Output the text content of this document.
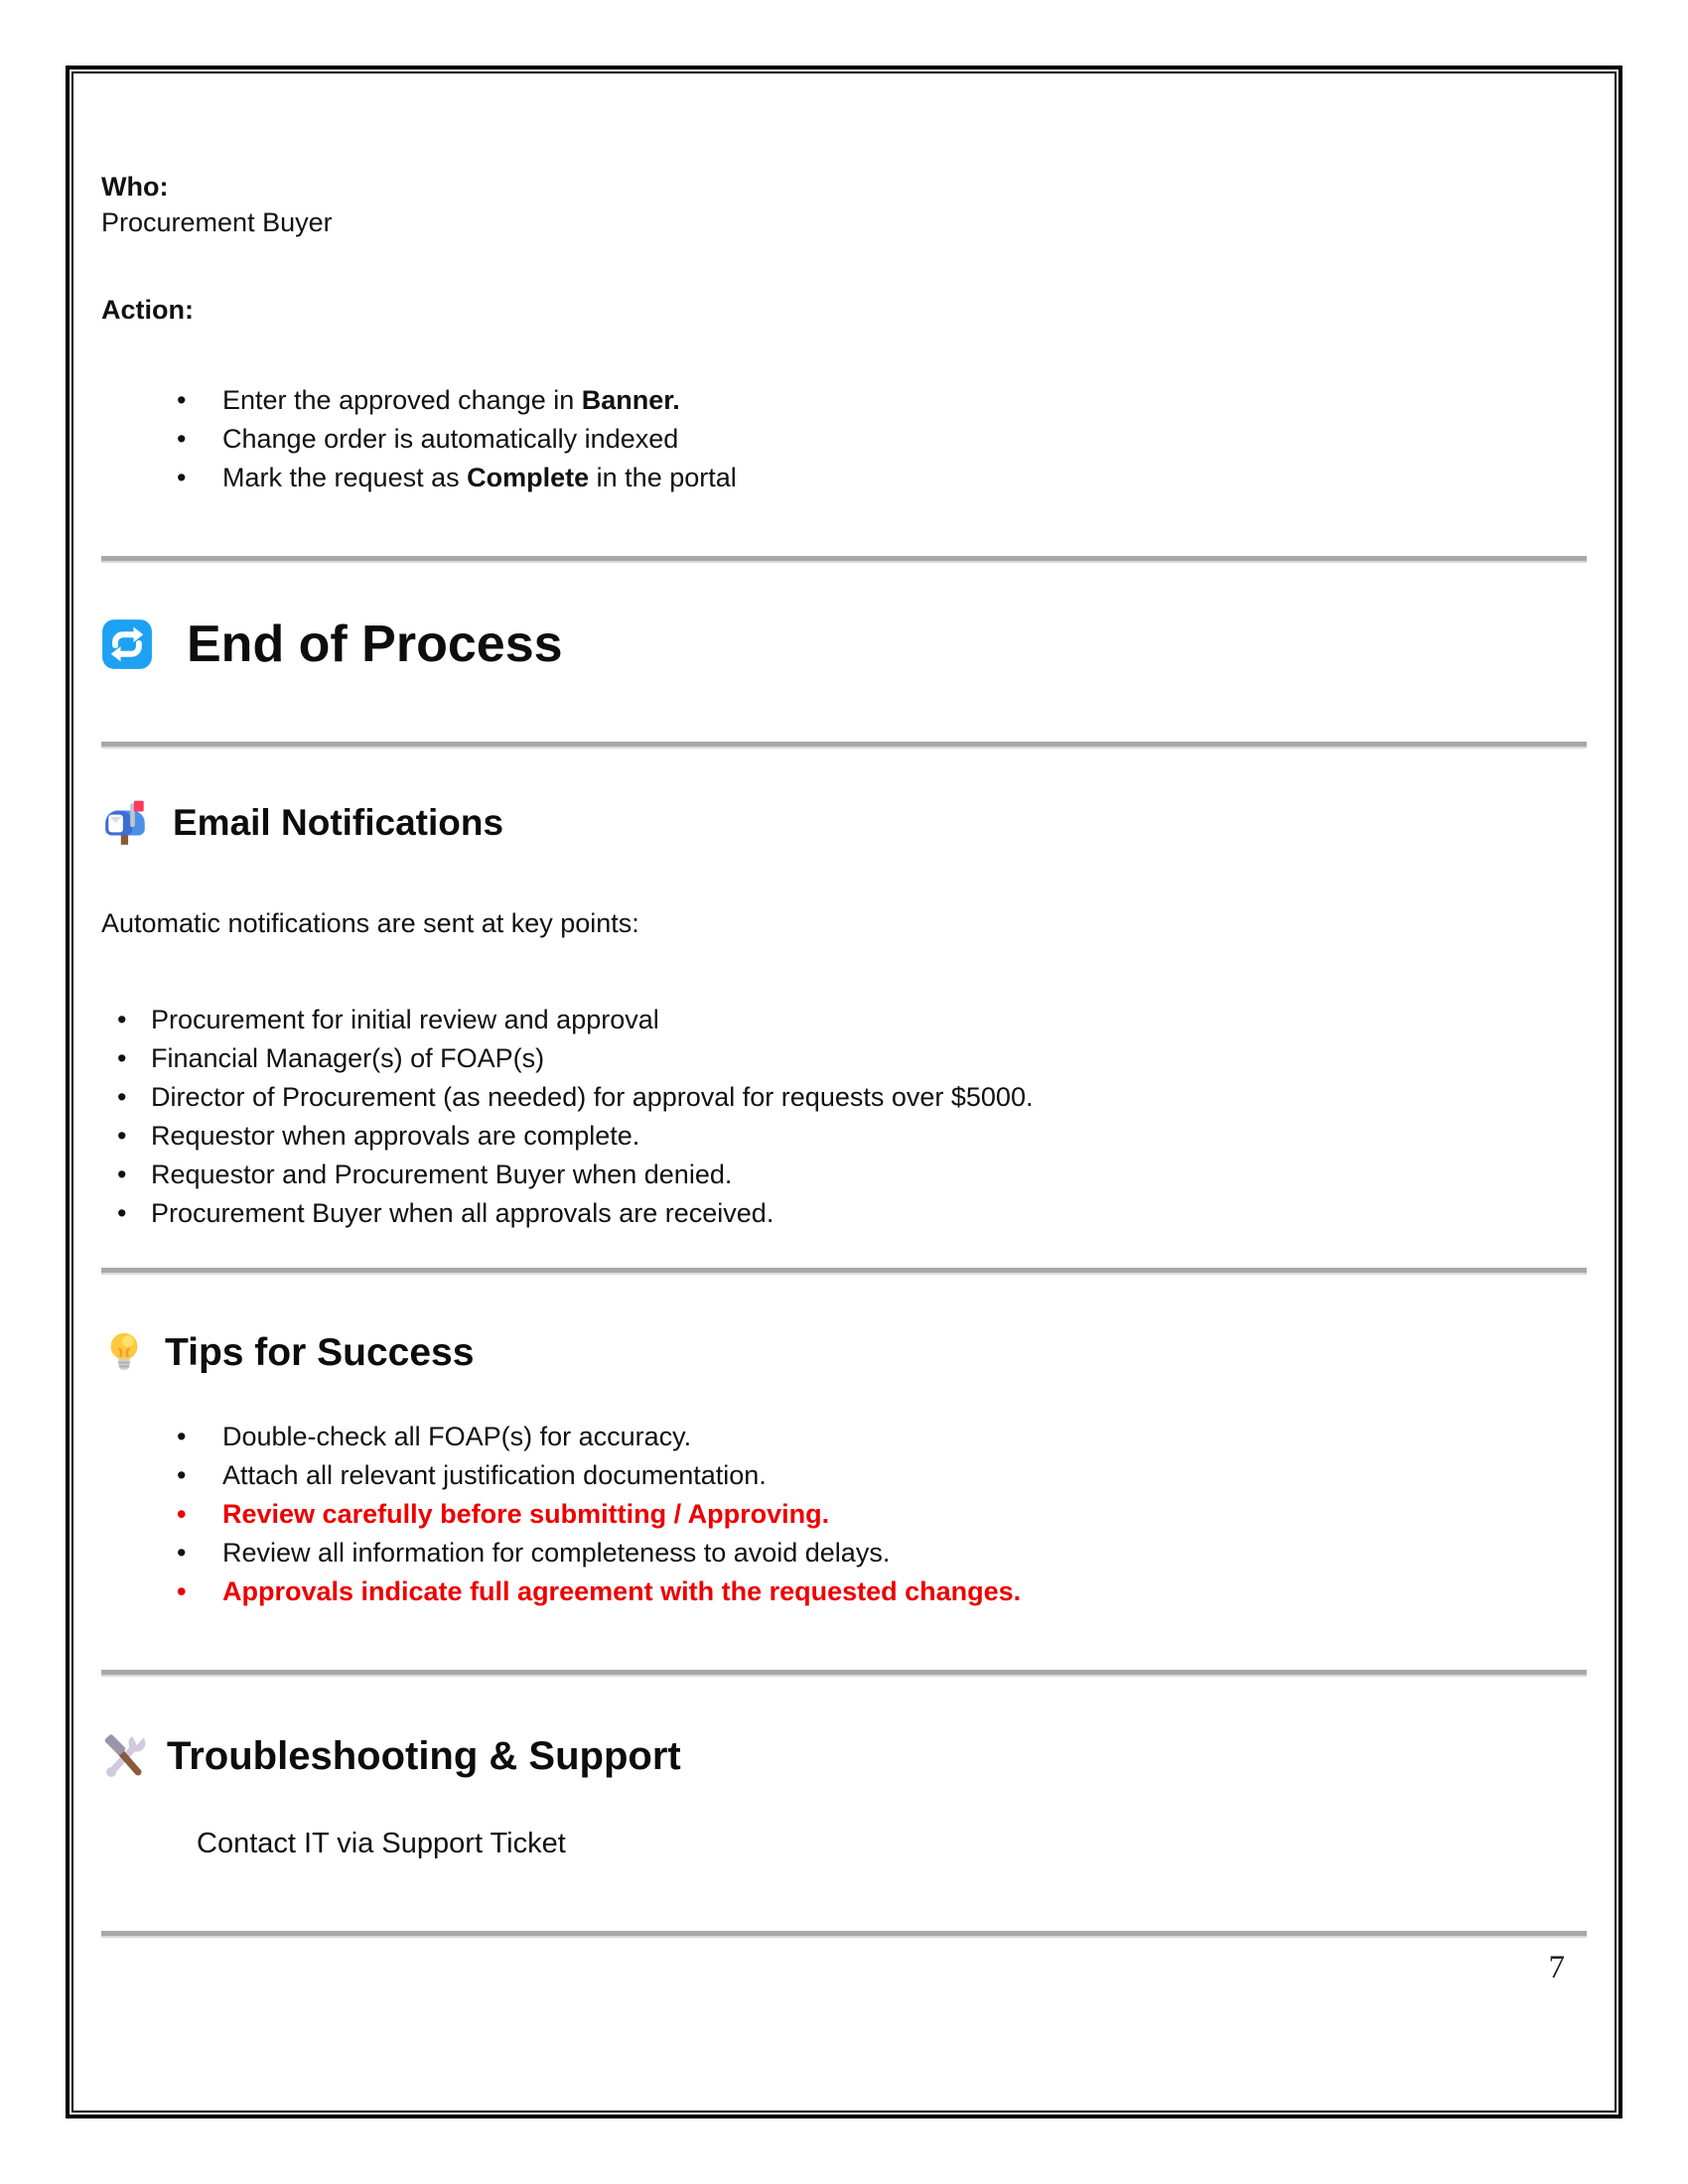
Who:

Procurement Buyer

Action:

• Enter the approved change in Banner.
• Change order is automatically indexed
• Mark the request as Complete in the portal
End of Process
Email Notifications

Automatic notifications are sent at key points:

• Procurement for initial review and approval
• Financial Manager(s) of FOAP(s)
• Director of Procurement (as needed) for approval for requests over $5000.
• Requestor when approvals are complete.
• Requestor and Procurement Buyer when denied.
• Procurement Buyer when all approvals are received.
Tips for Success
• Double-check all FOAP(s) for accuracy.
• Attach all relevant justification documentation.
• Review carefully before submitting / Approving.
• Review all information for completeness to avoid delays.
• Approvals indicate full agreement with the requested changes.
Troubleshooting & Support

Contact IT via Support Ticket

7
